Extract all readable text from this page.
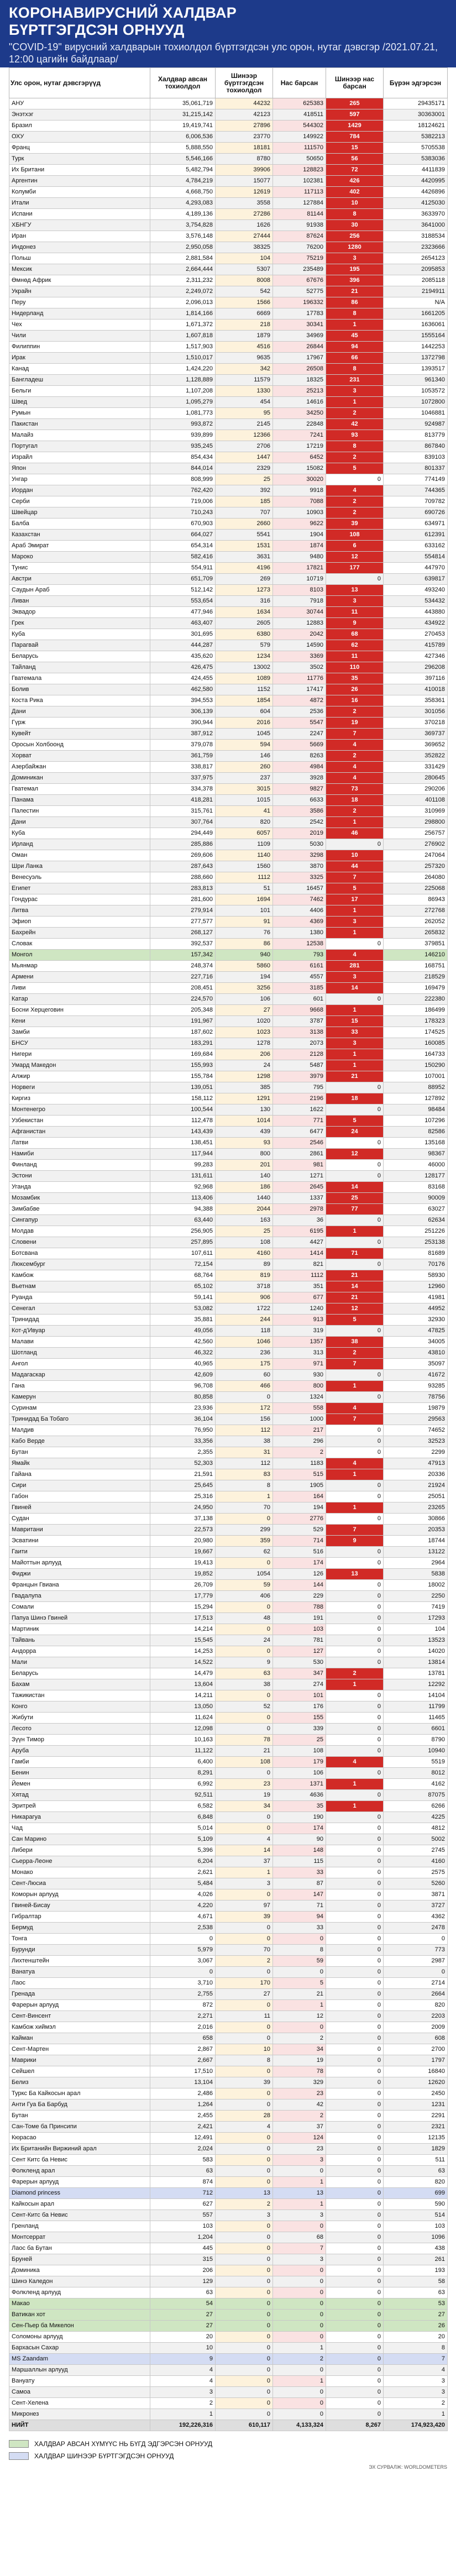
КОРОНАВИРУСНИЙ ХАЛДВАР
БҮРТГЭГДСЭН ОРНУУД
"COVID-19" вирусний халдварын тохиолдол бүртгэгдсэн улс орон, нутаг дэвсгэр /2021.07.21, 12:00 цагийн байдлаар/
Улс орон, нутаг дэвсгэрүүд	Халдвар авсан тохиолдол	Шинээр бүртгэгдсэн тохиолдол	Нас барсан	Шинээр нас барсан	Бүрэн эдгэрсэн
АНУ	35,061,719	44232	625383	265	29435171
Энэтхэг	31,215,142	42123	418511	597	30363001
Бразил	19,419,741	27896	544302	1429	18124621
ОХУ	6,006,536	23770	149922	784	5382213
Франц	5,888,550	18181	111570	15	5705538
Турк	5,546,166	8780	50650	56	5383036
Их Британи	5,482,794	39906	128823	72	4411839
Аргентин	4,784,219	15077	102381	426	4420995
Колумби	4,668,750	12619	117113	402	4426896
Итали	4,293,083	3558	127884	10	4125030
Испани	4,189,136	27286	81144	8	3633970
ХБНГУ	3,754,828	1626	91938	30	3641000
Иран	3,576,148	27444	87624	256	3188534
Индонез	2,950,058	38325	76200	1280	2323666
Польш	2,881,584	104	75219	3	2654123
Мексик	2,664,444	5307	235489	195	2095853
Өмнөд Африк	2,311,232	8008	67676	396	2085118
Украйн	2,249,072	542	52775	21	2194911
Перу	2,096,013	1566	196332	86	N/A
Нидерланд	1,814,166	6669	17783	8	1661205
Чех	1,671,372	218	30341	1	1636061
Чили	1,607,818	1879	34969	45	1555164
Филиппин	1,517,903	4516	26844	94	1442253
Ирак	1,510,017	9635	17967	66	1372798
Канад	1,424,220	342	26508	8	1393517
Бангладеш	1,128,889	11579	18325	231	961340
Бельги	1,107,208	1330	25213	3	1053572
Швед	1,095,279	454	14616	1	1072800
Румын	1,081,773	95	34250	2	1046881
Пакистан	993,872	2145	22848	42	924987
Малайз	939,899	12366	7241	93	813779
Португал	935,245	2706	17219	8	867840
Израйл	854,434	1447	6452	2	839103
Япон	844,014	2329	15082	5	801337
Унгар	808,999	25	30020	0	774149
Иордан	762,420	392	9918	4	744365
Серби	719,006	185	7088	2	709782
Швейцар	710,243	707	10903	2	690726
Балба	670,903	2660	9622	39	634971
Казахстан	664,027	5541	1904	108	612391
Араб Эмират	654,314	1531	1874	6	633162
Мароко	582,416	3631	9480	12	554814
Тунис	554,911	4196	17821	177	447970
Австри	651,709	269	10719	0	639817
Саудын Араб	512,142	1273	8103	13	493240
Ливан	553,654	316	7918	3	534432
Эквадор	477,946	1634	30744	11	443880
Грек	463,407	2605	12883	9	434922
Куба	301,695	6380	2042	68	270453
Парагвай	444,287	579	14590	62	415789
Беларусь	435,620	1234	3369	11	427346
Тайланд	426,475	13002	3502	110	296208
Гватемала	424,455	1089	11776	35	397116
Болив	462,580	1152	17417	26	410018
Коста Рика	394,553	1854	4872	16	358361
Дани	306,139	604	2536	2	301056
Гүрж	390,944	2016	5547	19	370218
Кувейт	387,912	1045	2247	7	369737
Оросын Холбоонд	379,078	594	5669	4	369652
Хорват	361,759	146	8263	2	352822
Азербайжан	338,817	260	4984	4	331429
Доминикан	337,975	237	3928	4	280645
Гватемал	334,378	3015	9827	73	290206
Панама	418,281	1015	6633	18	401108
Палестин	315,761	41	3586	2	310969
Дани	307,764	820	2542	1	298800
Куба	294,449	6057	2019	46	256757
Ирланд	285,886	1109	5030	0	276902
Оман	269,606	1140	3298	10	247064
Шри Ланка	287,643	1560	3870	44	257320
Венесуэль	288,660	1112	3325	7	264080
Египет	283,813	51	16457	5	225068
Гондурас	281,600	1694	7462	17	86943
Литва	279,914	101	4406	1	272768
Эфиоп	277,577	91	4369	3	262052
Бахрейн	268,127	76	1380	1	265832
Словак	392,537	86	12538	0	379851
Монгол	157,342	940	793	4	146210
Мьянмар	248,374	5860	6161	281	168751
Армени	227,716	194	4557	3	218529
Ливи	208,451	3256	3185	14	169479
Катар	224,570	106	601	0	222380
Босни Херцеговин	205,348	27	9668	1	186499
Кени	191,967	1020	3787	15	178323
Замби	187,602	1023	3138	33	174525
БНСУ	183,291	1278	2073	3	160085
Нигери	169,684	206	2128	1	164733
Умард Македон	155,993	24	5487	1	150290
Алжир	155,784	1298	3979	21	107001
Норвеги	139,051	385	795	0	88952
Киргиз	158,112	1291	2196	18	127892
Монтенегро	100,544	130	1622	0	98484
Узбекистан	112,478	1014	771	5	107296
Афганистан	143,439	439	6477	24	82586
Латви	138,451	93	2546	0	135168
Намиби	117,944	800	2861	12	98367
Финланд	99,283	201	981	0	46000
Эстони	131,611	140	1271	0	128177
Уганда	92,968	186	2645	14	83168
Мозамбик	113,406	1440	1337	25	90009
Зимбабве	94,388	2044	2978	77	63027
Сингапур	63,440	163	36	0	62634
Молдав	256,905	25	6195	1	251226
Словени	257,895	108	4427	0	253138
Ботсвана	107,611	4160	1414	71	81689
Люксембург	72,154	89	821	0	70176
Камбож	68,764	819	1112	21	58930
Вьетнам	65,102	3718	351	14	12960
Руанда	59,141	906	677	21	41981
Сенегал	53,082	1722	1240	12	44952
Тринидад	35,881	244	913	5	32930
Кот-д'Ивуар	49,056	118	319	0	47825
Малави	42,560	1046	1357	38	34005
Шотланд	46,322	236	313	2	43810
Ангол	40,965	175	971	7	35097
Мадагаскар	42,609	60	930	0	41672
Гана	96,708	466	800	1	93285
Камерун	80,858	0	1324	0	78756
Суринам	23,936	172	558	4	19879
Тринидад Ба Тобаго	36,104	156	1000	7	29563
Малдив	76,950	112	217	0	74652
Кабо Верде	33,356	38	296	0	32523
Бутан	2,355	31	2	0	2299
Ямайк	52,303	112	1183	4	47913
Гайана	21,591	83	515	1	20336
Сири	25,645	8	1905	0	21924
Габон	25,316	1	164	0	25051
Гвиней	24,950	70	194	1	23265
Судан	37,138	0	2776	0	30866
Мавритани	22,573	299	529	7	20353
Эсватини	20,980	359	714	9	18744
Гаити	19,667	62	516	0	13122
Майоттын арлууд	19,413	0	174	0	2964
Фиджи	19,852	1054	126	13	5838
Францын Гвиана	26,709	59	144	0	18002
Гвадалупа	17,779	406	229	0	2250
Сомали	15,294	0	788	0	7419
Папуа Шинэ Гвиней	17,513	48	191	0	17293
Мартиник	14,214	0	103	0	104
Тайвань	15,545	24	781	0	13523
Андорра	14,253	0	127	0	14020
Мали	14,522	9	530	0	13814
Беларусь	14,479	63	347	2	13781
Бахам	13,604	38	274	1	12292
Тажикистан	14,211	0	101	0	14104
Конго	13,050	52	176	0	11799
Жибути	11,624	0	155	0	11465
Лесото	12,098	0	339	0	6601
Зүүн Тимор	10,163	78	25	0	8790
Аруба	11,122	21	108	0	10940
Гамби	6,400	108	179	4	5519
Бенин	8,291	0	106	0	8012
Йемен	6,992	23	1371	1	4162
Хятад	92,511	19	4636	0	87075
Эритрей	6,582	34	35	1	6266
Никарагуа	6,848	0	190	0	4225
Чад	5,014	0	174	0	4812
Сан Марино	5,109	4	90	0	5002
Либери	5,396	14	148	0	2745
Сьерра-Леоне	6,204	37	115	0	4160
Монако	2,621	1	33	0	2575
Сент-Люсиа	5,484	3	87	0	5260
Коморын арлууд	4,026	0	147	0	3871
Гвиней-Бисау	4,220	97	71	0	3727
Гибралтар	4,671	39	94	0	4362
Бермуд	2,538	0	33	0	2478
Тонга	0	0	0	0	0
Бурунди	5,979	70	8	0	773
Лихтенштейн	3,067	2	59	0	2987
Ванатуа	0	0	0	0	0
Лаос	3,710	170	5	0	2714
Гренада	2,755	27	21	0	2664
Фарерын арлууд	872	0	1	0	820
Сент-Винсент	2,271	11	12	0	2203
Камбож хиймэл	2,016	0	0	0	2009
Кайман	658	0	2	0	608
Сент-Мартен	2,867	10	34	0	2700
Маврики	2,667	8	19	0	1797
Сейшел	17,510	0	78	0	16840
Белиз	13,104	39	329	0	12620
Туркс Ба Кайкосын арал	2,486	0	23	0	2450
Анти Гуа Ба Барбуд	1,264	0	42	0	1231
Бутан	2,455	28	2	0	2291
Сан-Томе ба Принсипи	2,421	4	37	0	2321
Кюрасао	12,491	0	124	0	12135
Их Британийн Виржиний арал	2,024	0	23	0	1829
Сент Китс ба Невис	583	0	3	0	511
Фолкленд арал	63	0	0	0	63
Фарерын арлууд	874	0	1	0	820
Diamond princess	712	13	13	0	699
Кайкосын арал	627	2	1	0	590
Сент-Китс ба Невис	557	3	3	0	514
Гренланд	103	0	0	0	103
Монтсеррат	1,204	0	68	0	1096
Лаос ба Бутан	445	0	7	0	438
Бруней	315	0	3	0	261
Доминика	206	0	0	0	193
Шинэ Каледон	129	0	0	0	58
Фолкленд арлууд	63	0	0	0	63
Макао	54	0	0	0	53
Ватикан хот	27	0	0	0	27
Сен-Пьер ба Микелон	27	0	0	0	26
Соломоны арлууд	20	0	0	0	20
Бархасын Сахар	10	0	1	0	8
MS Zaandam	9	0	2	0	7
Маршаллын арлууд	4	0	0	0	4
Вануату	4	0	1	0	3
Самоа	3	0	0	0	3
Сент-Хелена	2	0	0	0	2
Микронез	1	0	0	0	1
НИЙТ	192,226,316	610,117	4,133,324	8,267	174,923,420
ХАЛДВАР АВСАН ХҮМҮҮС НЬ БҮГД ЭДГЭРСЭН ОРНУУД
ХАЛДВАР ШИНЭЭР БҮРТГЭГДСЭН ОРНУУД
ЭХ СУРВАЛЖ: WORLDOMETERS
